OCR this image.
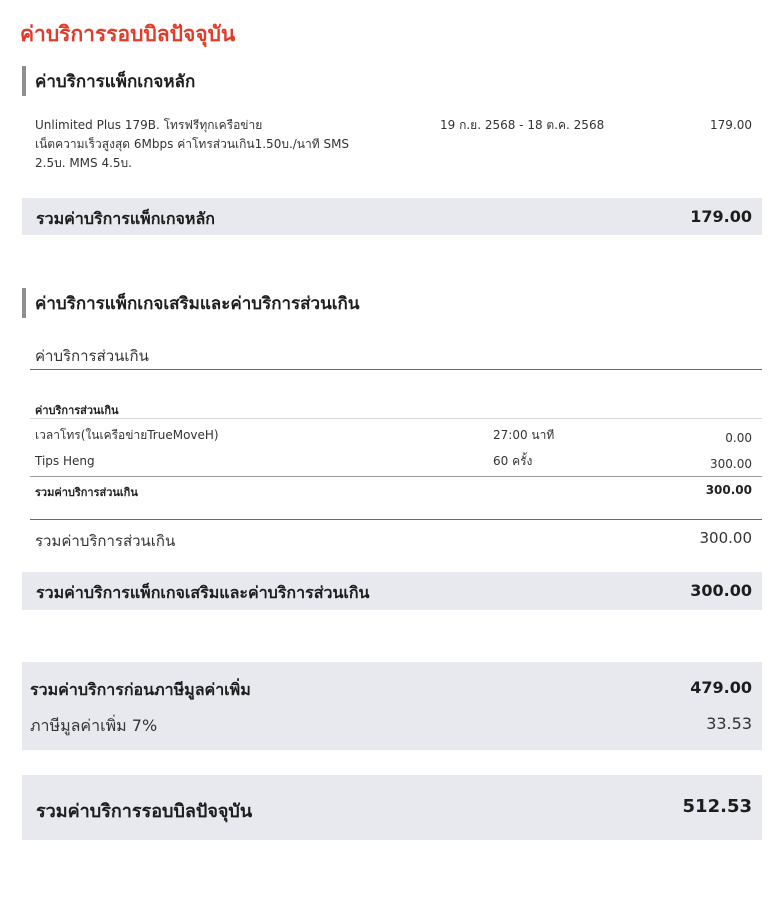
ค่าบริการรอบบิลปัจจุบัน
ค่าบริการแพ็กเกจหลัก
Unlimited Plus 179B. โทรฟรีทุกเครือข่าย
เน็ตความเร็วสูงสุด 6Mbps ค่าโทรส่วนเกิน1.50บ./นาที SMS
2.5บ. MMS 4.5บ.
19 ก.ย. 2568 - 18 ต.ค. 2568	179.00
รวมค่าบริการแพ็กเกจหลัก	179.00
ค่าบริการแพ็กเกจเสริมและค่าบริการส่วนเกิน
ค่าบริการส่วนเกิน
ค่าบริการส่วนเกิน
เวลาโทร(ในเครือข่ายTrueMoveH)	27:00 นาที	0.00
Tips Heng	60 ครั้ง	300.00
รวมค่าบริการส่วนเกิน	300.00
รวมค่าบริการส่วนเกิน	300.00
รวมค่าบริการแพ็กเกจเสริมและค่าบริการส่วนเกิน	300.00
รวมค่าบริการก่อนภาษีมูลค่าเพิ่ม	479.00
ภาษีมูลค่าเพิ่ม 7%	33.53
รวมค่าบริการรอบบิลปัจจุบัน	512.53
